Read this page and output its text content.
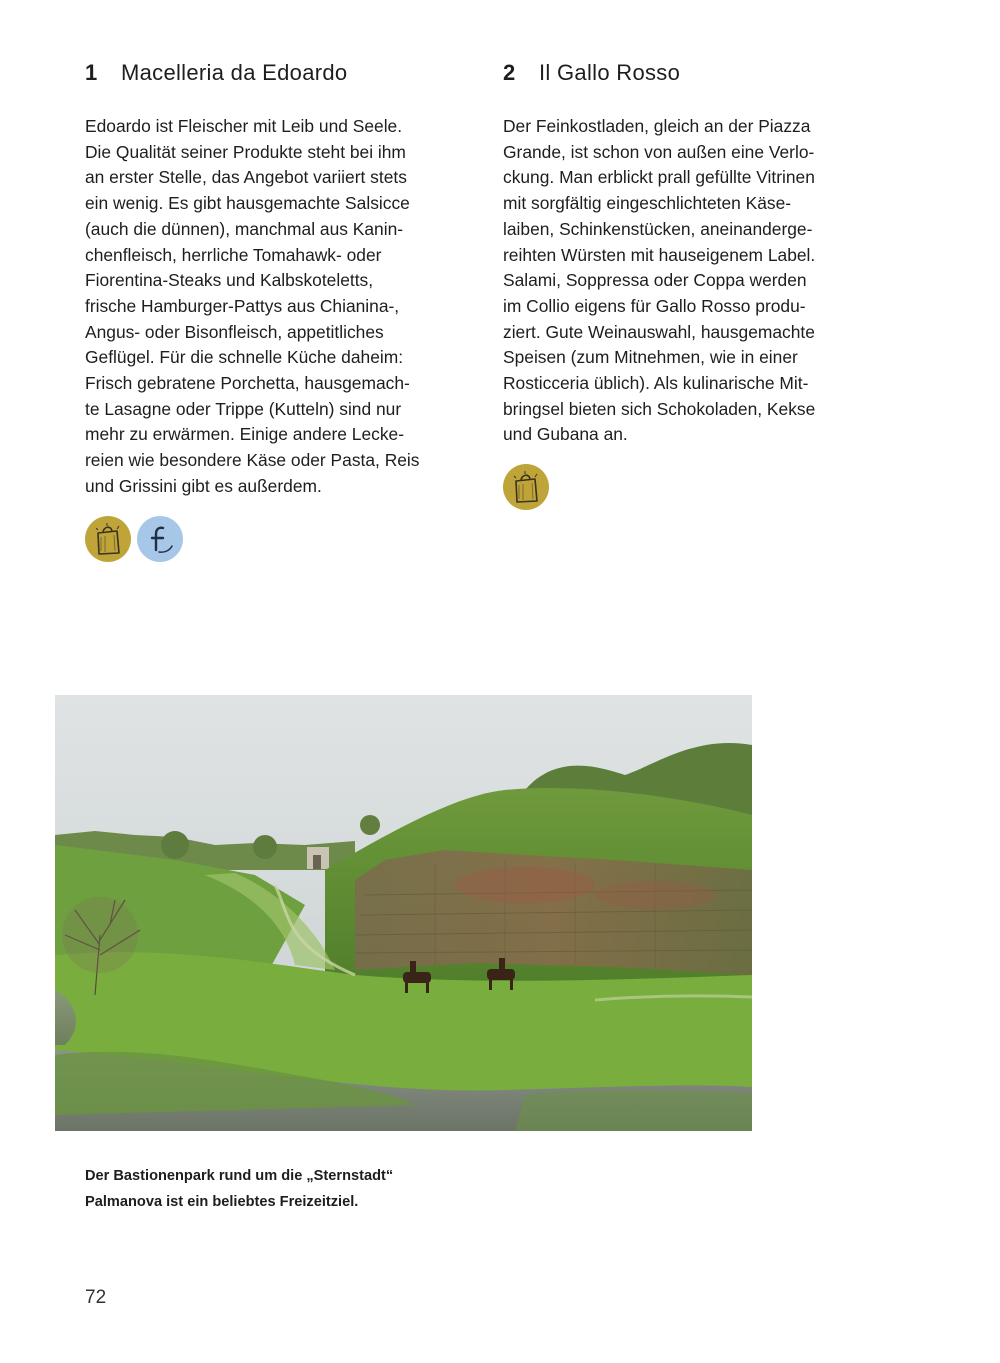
1 Macelleria da Edoardo

Edoardo ist Fleischer mit Leib und Seele.
Die Qualität seiner Produkte steht bei ihm
an erster Stelle, das Angebot variiert stets
ein wenig. Es gibt hausgemachte Salsicce
(auch die dünnen), manchmal aus Kanin-
chenfleisch, herrliche Tomahawk- oder
Fiorentina-Steaks und Kalbskoteletts,
frische Hamburger-Pattys aus Chianina-,
Angus- oder Bisonfleisch, appetitliches
Geflügel. Für die schnelle Küche daheim:
Frisch gebratene Porchetta, hausgemach-
te Lasagne oder Trippe (Kutteln) sind nur
mehr zu erwärmen. Einige andere Lecke-
reien wie besondere Käse oder Pasta, Reis
und Grissini gibt es außerdem.

2 Il Gallo Rosso

Der Feinkostladen, gleich an der Piazza
Grande, ist schon von außen eine Verlo-
ckung. Man erblickt prall gefüllte Vitrinen
mit sorgfältig eingeschlichteten Käse-
laiben, Schinkenstücken, aneinanderge-
reihten Würsten mit hauseigenem Label.
Salami, Soppressa oder Coppa werden
im Collio eigens für Gallo Rosso produ-
ziert. Gute Weinauswahl, hausgemachte
Speisen (zum Mitnehmen, wie in einer
Rosticceria üblich). Als kulinarische Mit-
bringsel bieten sich Schokoladen, Kekse
und Gubana an.

Der Bastionenpark rund um die „Sternstadt“
Palmanova ist ein beliebtes Freizeitziel.
72
